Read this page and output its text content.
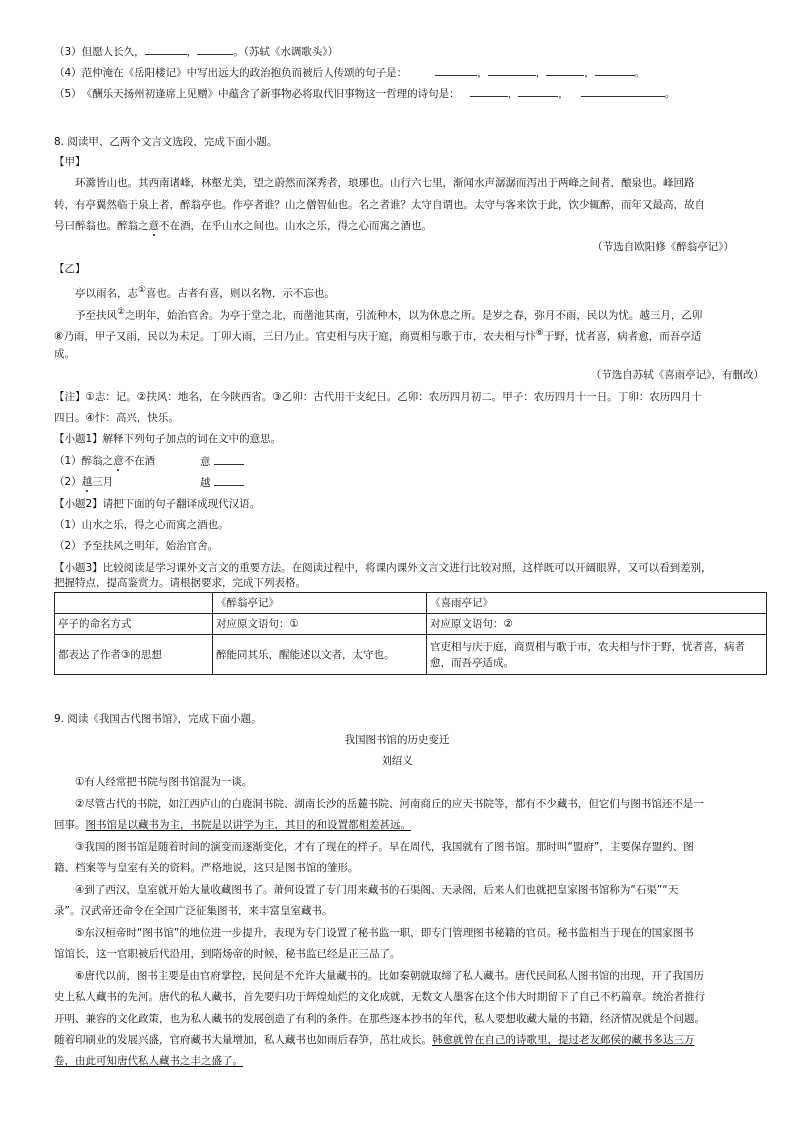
（3）但愿人长久，	，	。（苏轼《水调歌头》）
（4）范仲淹在《岳阳楼记》中写出远大的政治抱负而被后人传颂的句子是：	，	，	，	。
（5）　《酬乐天扬州初逢席上见赠》中蕴含了新事物必将取代旧事物这一哲理的诗句是：	，	，	。
8. 阅读甲、乙两个文言文选段，完成下面小题。
【甲】
环滁皆山也。其西南诸峰，林壑尤美，望之蔚然而深秀者，琅琊也。山行六七里，渐闻水声潺潺而泻出于两峰之间者，酿泉也。峰回路
转，有亭翼然临于泉上者，醉翁亭也。作亭者谁？山之僧智仙也。名之者谁？太守自谓也。太守与客来饮于此，饮少辄醉，而年又最高，故自
号曰醉翁也。醉翁之意不在酒，在乎山水之间也。山水之乐，得之心而寓之酒也。
（节选自欧阳修《醉翁亭记》）
【乙】
亭以雨名，志①喜也。古者有喜，则以名物，示不忘也。
予至扶风②之明年，始治官舍。为亭于堂之北，而凿池其南，引流种木，以为休息之所。是岁之春，弥月不雨，民以为忧。越三月，乙卯
⑧乃雨，甲子又雨，民以为未足。丁卯大雨，三日乃止。官吏相与庆于庭，商贾相与歌于市，农夫相与忭⑥于野，忧者喜，病者愈，而吾亭适
成。
（节选自苏轼《喜雨亭记》，有删改）
【注】①志：记。②扶风：地名，在今陕西省。③乙卯：古代用干支纪日。乙卯：农历四月初二。甲子：农历四月十一日。丁卯：农历四月十
四日。④忭：高兴，快乐。
【小题1】解释下列句子加点的词在文中的意思。
（1）醉翁之意不在酒	意
（2）越三月	越
【小题2】请把下面的句子翻译成现代汉语。
（1）山水之乐，得之心而寓之酒也。
（2）予至扶风之明年，始治官舍。
【小题3】比较阅读是学习课外文言文的重要方法。在阅读过程中，将课内课外文言文进行比较对照，这样既可以开阔眼界，又可以看到差别，
把握特点，提高鉴赏力。请根据要求，完成下列表格。
	《醉翁亭记》	《喜雨亭记》
亭子的命名方式	对应原文语句：①	对应原文语句：②
都表达了作者③的思想	醉能同其乐，醒能述以文者，太守也。	官吏相与庆于庭，商贾相与歌于市，农夫相与忭于野，忧者喜，病者愈，而吾亭适成。
9. 阅读《我国古代图书馆》，完成下面小题。
我国图书馆的历史变迁
刘绍义
①有人经常把书院与图书馆混为一谈。
②尽管古代的书院，如江西庐山的白鹿洞书院、湖南长沙的岳麓书院、河南商丘的应天书院等，都有不少藏书，但它们与图书馆还不是一
回事。图书馆是以藏书为主，书院是以讲学为主，其目的和设置都相差甚远。
③我国的图书馆是随着时间的演变而逐渐变化，才有了现在的样子。早在周代，我国就有了图书馆。那时叫“盟府”，主要保存盟约、图
籍、档案等与皇室有关的资料。严格地说，这只是图书馆的雏形。
④到了西汉，皇室就开始大量收藏图书了。萧何设置了专门用来藏书的石渠阁、天录阁，后来人们也就把皇家图书馆称为“石渠”“天
录”。汉武帝还命令在全国广泛征集图书，来丰富皇室藏书。
⑤东汉桓帝时“图书馆”的地位进一步提升，表现为专门设置了秘书监一职，即专门管理图书秘籍的官员。秘书监相当于现在的国家图书
馆馆长，这一官职被后代沿用，到隋炀帝的时候，秘书监已经是正三品了。
⑥唐代以前，图书主要是由官府掌控，民间是不允许大量藏书的。比如秦朝就取缔了私人藏书。唐代民间私人图书馆的出现，开了我国历
史上私人藏书的先河。唐代的私人藏书，首先要归功于辉煌灿烂的文化成就，无数文人墨客在这个伟大时期留下了自己不朽篇章。统治者推行
开明、兼容的文化政策，也为私人藏书的发展创造了有利的条件。在那些逐本抄书的年代，私人要想收藏大量的书籍，经济情况就是个问题。
随着印刷业的发展兴盛，官府藏书大量增加，私人藏书也如雨后春笋，茁壮成长。韩愈就曾在自己的诗歌里，提过老友邺侯的藏书多达三万
卷，由此可知唐代私人藏书之丰之盛了。
